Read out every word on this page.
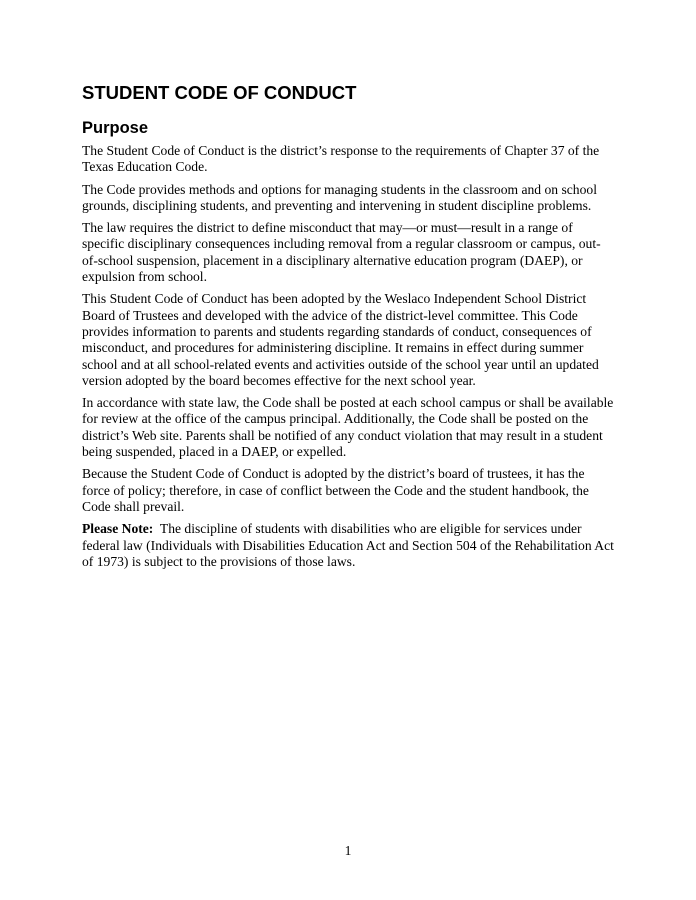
STUDENT CODE OF CONDUCT
Purpose

The Student Code of Conduct is the district’s response to the requirements of Chapter 37 of the Texas Education Code.

The Code provides methods and options for managing students in the classroom and on school grounds, disciplining students, and preventing and intervening in student discipline problems.

The law requires the district to define misconduct that may—or must—result in a range of specific disciplinary consequences including removal from a regular classroom or campus, out-of-school suspension, placement in a disciplinary alternative education program (DAEP), or expulsion from school.

This Student Code of Conduct has been adopted by the Weslaco Independent School District Board of Trustees and developed with the advice of the district-level committee. This Code provides information to parents and students regarding standards of conduct, consequences of misconduct, and procedures for administering discipline. It remains in effect during summer school and at all school-related events and activities outside of the school year until an updated version adopted by the board becomes effective for the next school year.

In accordance with state law, the Code shall be posted at each school campus or shall be available for review at the office of the campus principal. Additionally, the Code shall be posted on the district’s Web site. Parents shall be notified of any conduct violation that may result in a student being suspended, placed in a DAEP, or expelled.

Because the Student Code of Conduct is adopted by the district’s board of trustees, it has the force of policy; therefore, in case of conflict between the Code and the student handbook, the Code shall prevail.

Please Note:  The discipline of students with disabilities who are eligible for services under federal law (Individuals with Disabilities Education Act and Section 504 of the Rehabilitation Act of 1973) is subject to the provisions of those laws.

1
